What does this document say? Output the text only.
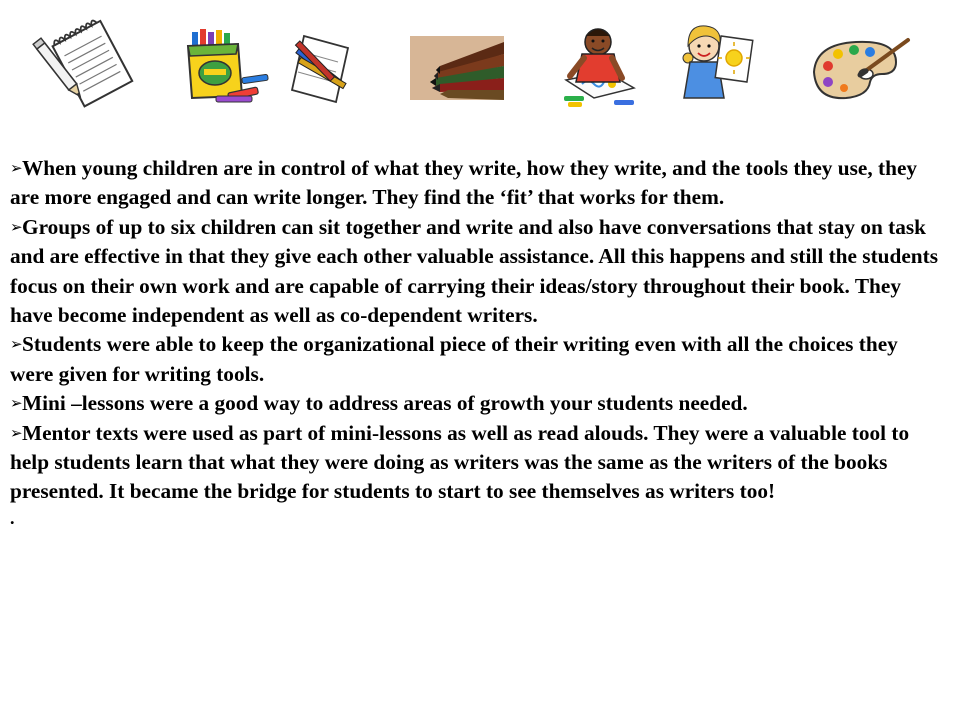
➢When young children are in control of what they write, how they write, and the tools they use, they are more engaged and can write longer. They find the ‘fit’ that works for them.

➢Groups of up to six children can sit together and write and also have conversations that stay on task and are effective in that they give each other valuable assistance. All this happens and still the students focus on their own work and are capable of carrying their ideas/story throughout their book. They have become independent as well as co-dependent writers.

➢Students were able to keep the organizational piece of their writing even with all the choices they were given for writing tools.

➢Mini –lessons were a good way to address areas of growth your students needed.

➢Mentor texts were used as part of mini-lessons as well as read alouds. They were a valuable tool to help students learn that what they were doing as writers was the same as the writers of the books presented. It became the bridge for students to start to see themselves as writers too!

.
